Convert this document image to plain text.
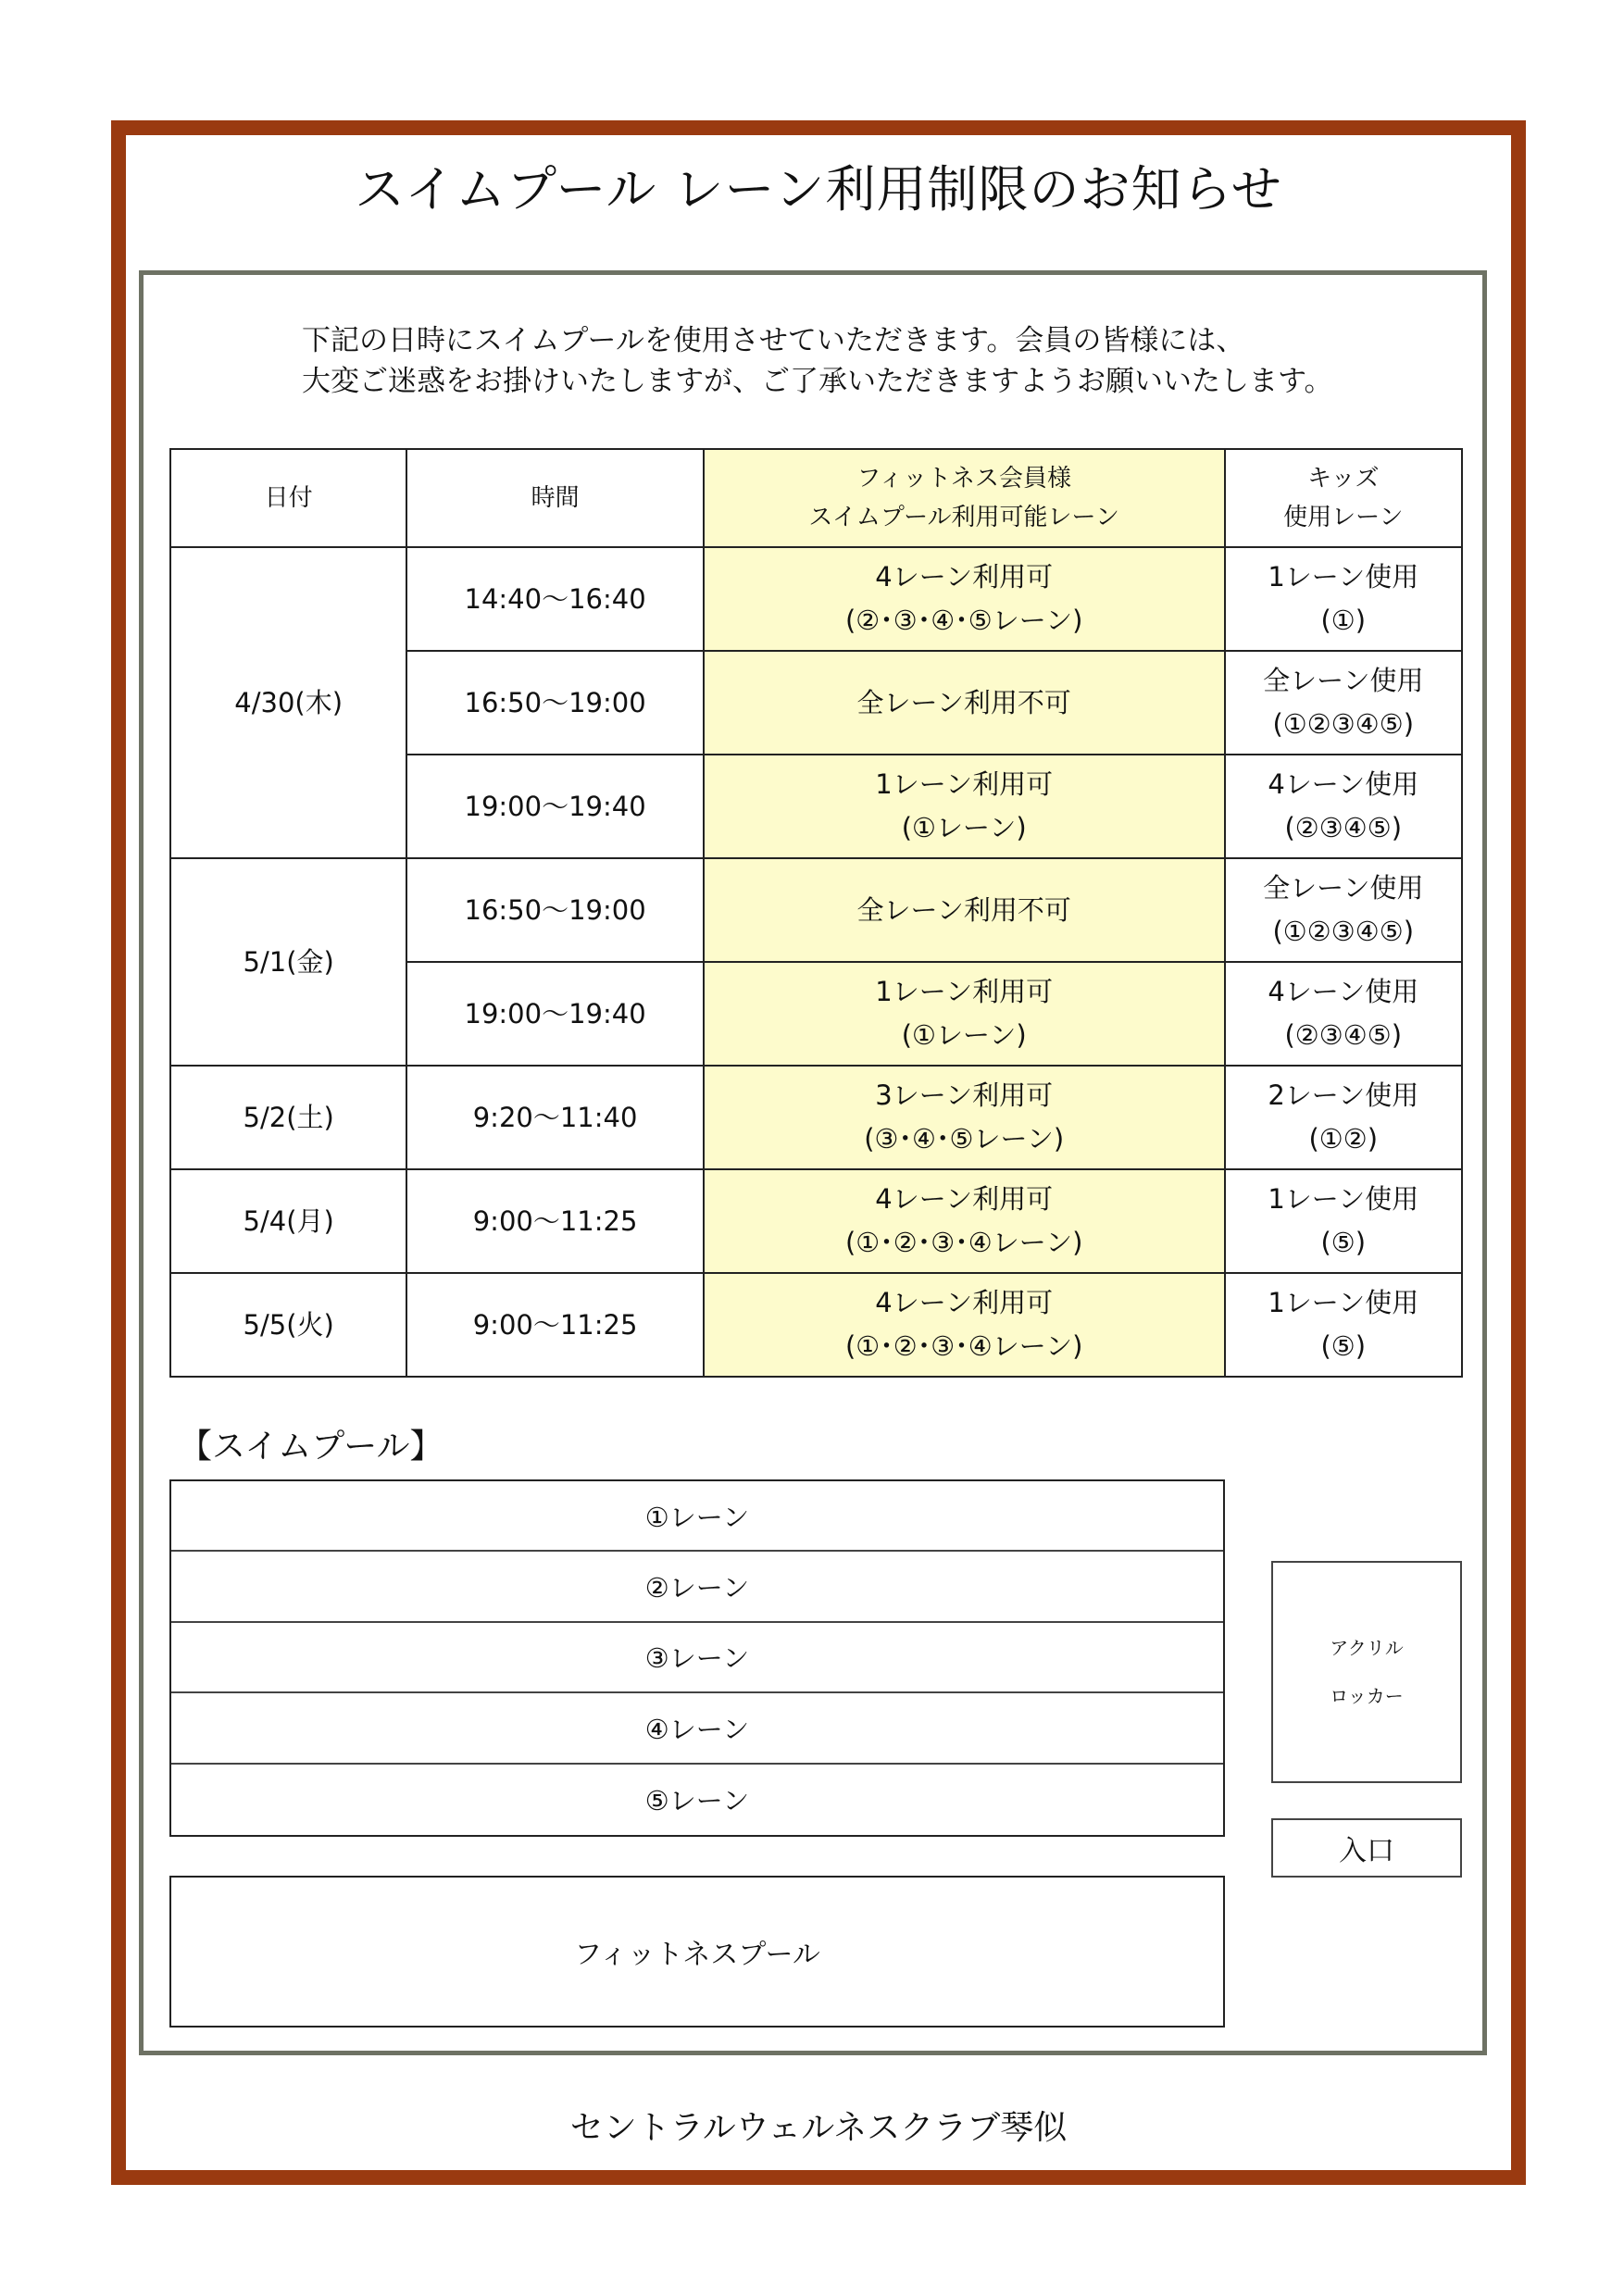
スイムプール レーン利用制限のお知らせ
下記の日時にスイムプールを使用させていただきます。会員の皆様には、
大変ご迷惑をお掛けいたしますが、ご了承いただきますようお願いいたします。
日付	時間	フィットネス会員様
スイムプール利用可能レーン	キッズ
使用レーン

4/30(木)	14:40～16:40	4レーン利用可
(②･③･④･⑤レーン)	1レーン使用
(①)

	16:50～19:00	全レーン利用不可	全レーン使用
(①②③④⑤)

	19:00～19:40	1レーン利用可
(①レーン)	4レーン使用
(②③④⑤)

5/1(金)	16:50～19:00	全レーン利用不可	全レーン使用
(①②③④⑤)

	19:00～19:40	1レーン利用可
(①レーン)	4レーン使用
(②③④⑤)

5/2(土)	9:20～11:40	3レーン利用可
(③･④･⑤レーン)	2レーン使用
(①②)

5/4(月)	9:00～11:25	4レーン利用可
(①･②･③･④レーン)	1レーン使用
(⑤)

5/5(火)	9:00～11:25	4レーン利用可
(①･②･③･④レーン)	1レーン使用
(⑤)
【スイムプール】
①レーン
②レーン
③レーン
④レーン
⑤レーン
アクリル
ロッカー
入口
フィットネスプール
セントラルウェルネスクラブ琴似
